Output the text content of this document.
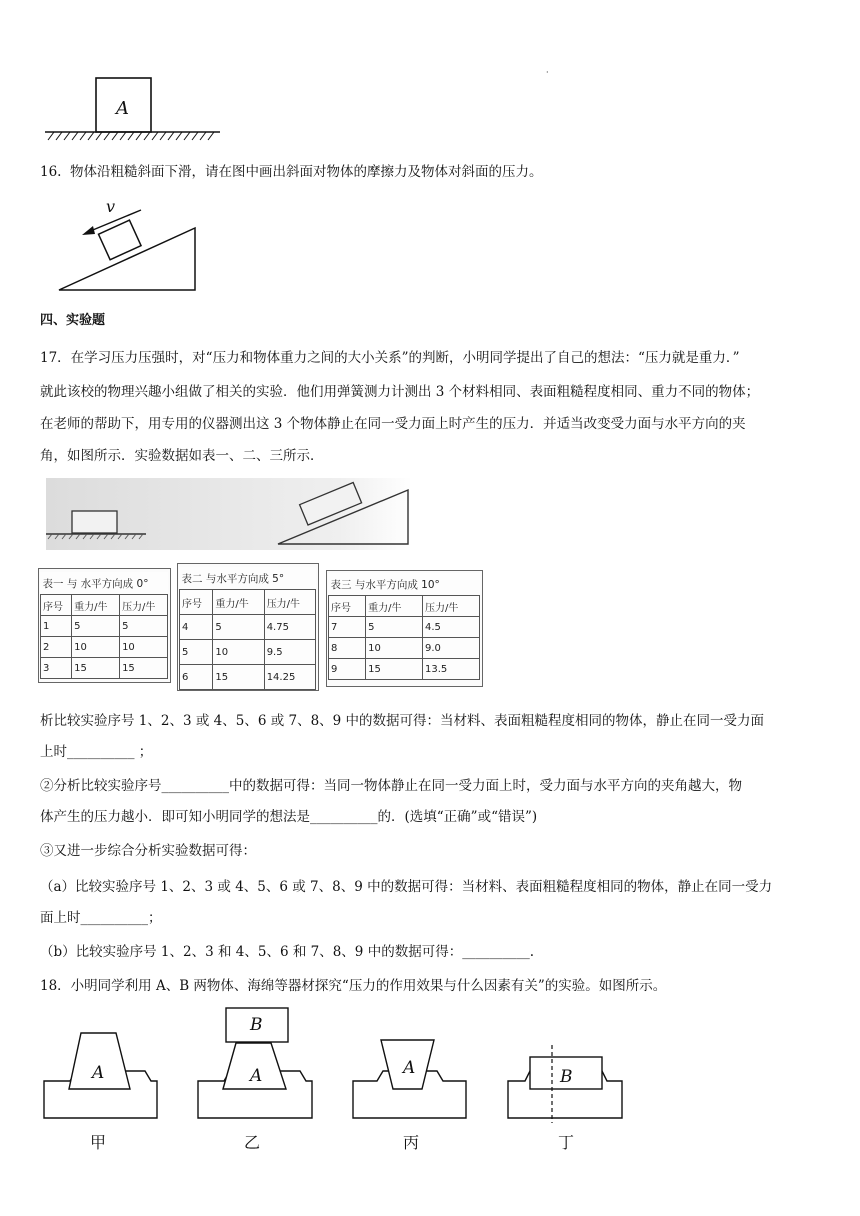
A
·
16. 物体沿粗糙斜面下滑，请在图中画出斜面对物体的摩擦力及物体对斜面的压力。
v
四、实验题
17．在学习压力压强时，对“压力和物体重力之间的大小关系”的判断，小明同学提出了自己的想法：“压力就是重力．”
就此该校的物理兴趣小组做了相关的实验．他们用弹簧测力计测出 3 个材料相同、表面粗糙程度相同、重力不同的物体；
在老师的帮助下，用专用的仪器测出这 3 个物体静止在同一受力面上时产生的压力．并适当改变受力面与水平方向的夹
角，如图所示．实验数据如表一、二、三所示．
表一 与 水平方向成 0°		
序号	重力/牛	压力/牛
1	5	5
2	10	10
3	15	15
表二 与水平方向成 5°		
序号	重力/牛	压力/牛
4	5	4.75
5	10	9.5
6	15	14.25
表三 与水平方向成 10°		
序号	重力/牛	压力/牛
7	5	4.5
8	10	9.0
9	15	13.5
析比较实验序号 1、2、3 或 4、5、6 或 7、8、9 中的数据可得：当材料、表面粗糙程度相同的物体，静止在同一受力面
上时__________ ；
②分析比较实验序号__________中的数据可得：当同一物体静止在同一受力面上时，受力面与水平方向的夹角越大，物
体产生的压力越小．即可知小明同学的想法是__________的．(选填“正确”或“错误”)
③又进一步综合分析实验数据可得：
（a）比较实验序号 1、2、3 或 4、5、6 或 7、8、9 中的数据可得：当材料、表面粗糙程度相同的物体，静止在同一受力
面上时__________；
（b）比较实验序号 1、2、3 和 4、5、6 和 7、8、9 中的数据可得：__________.
18．小明同学利用 A、B 两物体、海绵等器材探究“压力的作用效果与什么因素有关”的实验。如图所示。
A
B
A	A	B
甲	乙	丙	丁
